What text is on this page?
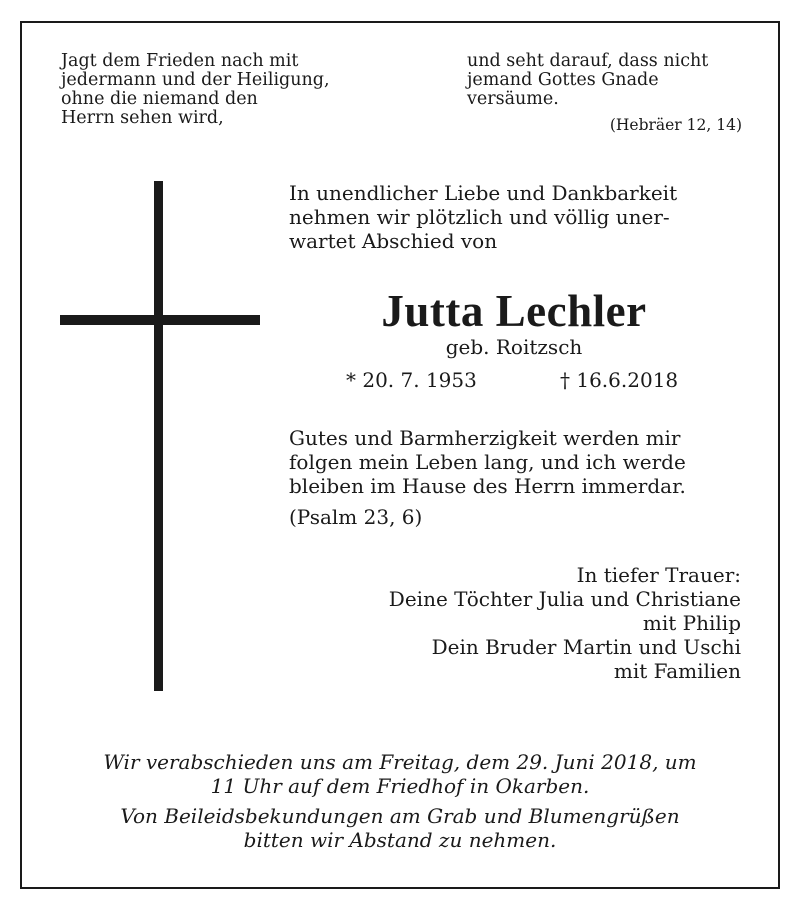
Jagt dem Frieden nach mit
jedermann und der Heiligung,
ohne die niemand den
Herrn sehen wird,
und seht darauf, dass nicht
jemand Gottes Gnade
versäume.
(Hebräer 12, 14)
In unendlicher Liebe und Dankbarkeit
nehmen wir plötzlich und völlig uner-
wartet Abschied von
Jutta Lechler
geb. Roitzsch
* 20. 7. 1953	† 16.6.2018
Gutes und Barmherzigkeit werden mir
folgen mein Leben lang, und ich werde
bleiben im Hause des Herrn immerdar.
(Psalm 23, 6)
In tiefer Trauer:
Deine Töchter Julia und Christiane
mit Philip
Dein Bruder Martin und Uschi
mit Familien
Wir verabschieden uns am Freitag, dem 29. Juni 2018, um
11 Uhr auf dem Friedhof in Okarben.
Von Beileidsbekundungen am Grab und Blumengrüßen
bitten wir Abstand zu nehmen.
